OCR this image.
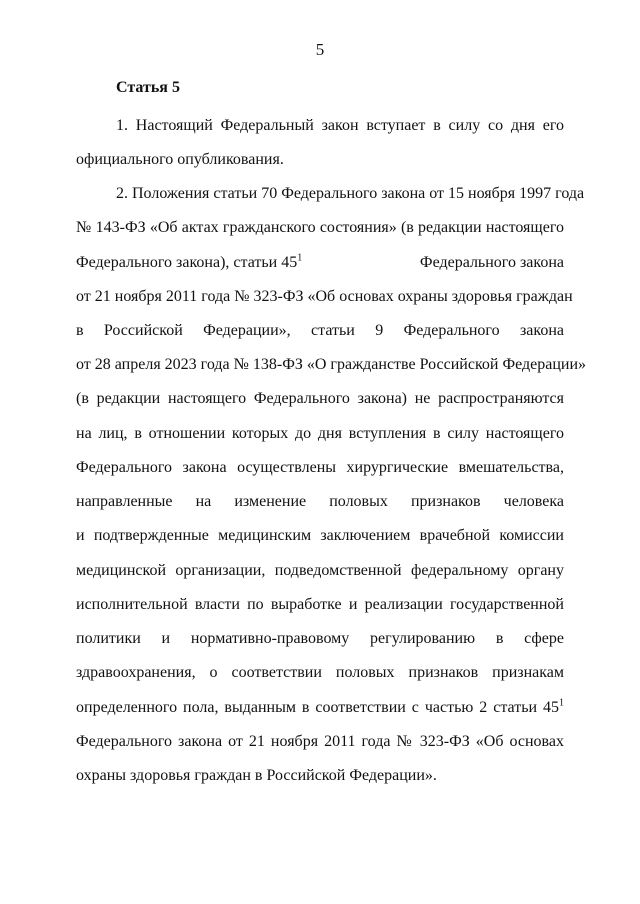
5
Статья 5
1. Настоящий Федеральный закон вступает в силу со дня его
официального опубликования.
2. Положения статьи 70 Федерального закона от 15 ноября 1997 года
№ 143-ФЗ «Об актах гражданского состояния» (в редакции настоящего
Федерального закона), статьи $45^1$	Федерального закона
от 21 ноября 2011 года № 323-ФЗ «Об основах охраны здоровья граждан
в Российской Федерации», статьи 9 Федерального закона
от 28 апреля 2023 года № 138-ФЗ «О гражданстве Российской Федерации»
(в редакции настоящего Федерального закона) не распространяются
на лиц, в отношении которых до дня вступления в силу настоящего
Федерального закона осуществлены хирургические вмешательства,
направленные на изменение половых признаков человека
и подтвержденные медицинским заключением врачебной комиссии
медицинской организации, подведомственной федеральному органу
исполнительной власти по выработке и реализации государственной
политики и нормативно-правовому регулированию в сфере
здравоохранения, о соответствии половых признаков признакам
определенного пола, выданным в соответствии с частью 2 статьи $45^1$
Федерального закона от 21 ноября 2011 года № 323-ФЗ «Об основах
охраны здоровья граждан в Российской Федерации».
